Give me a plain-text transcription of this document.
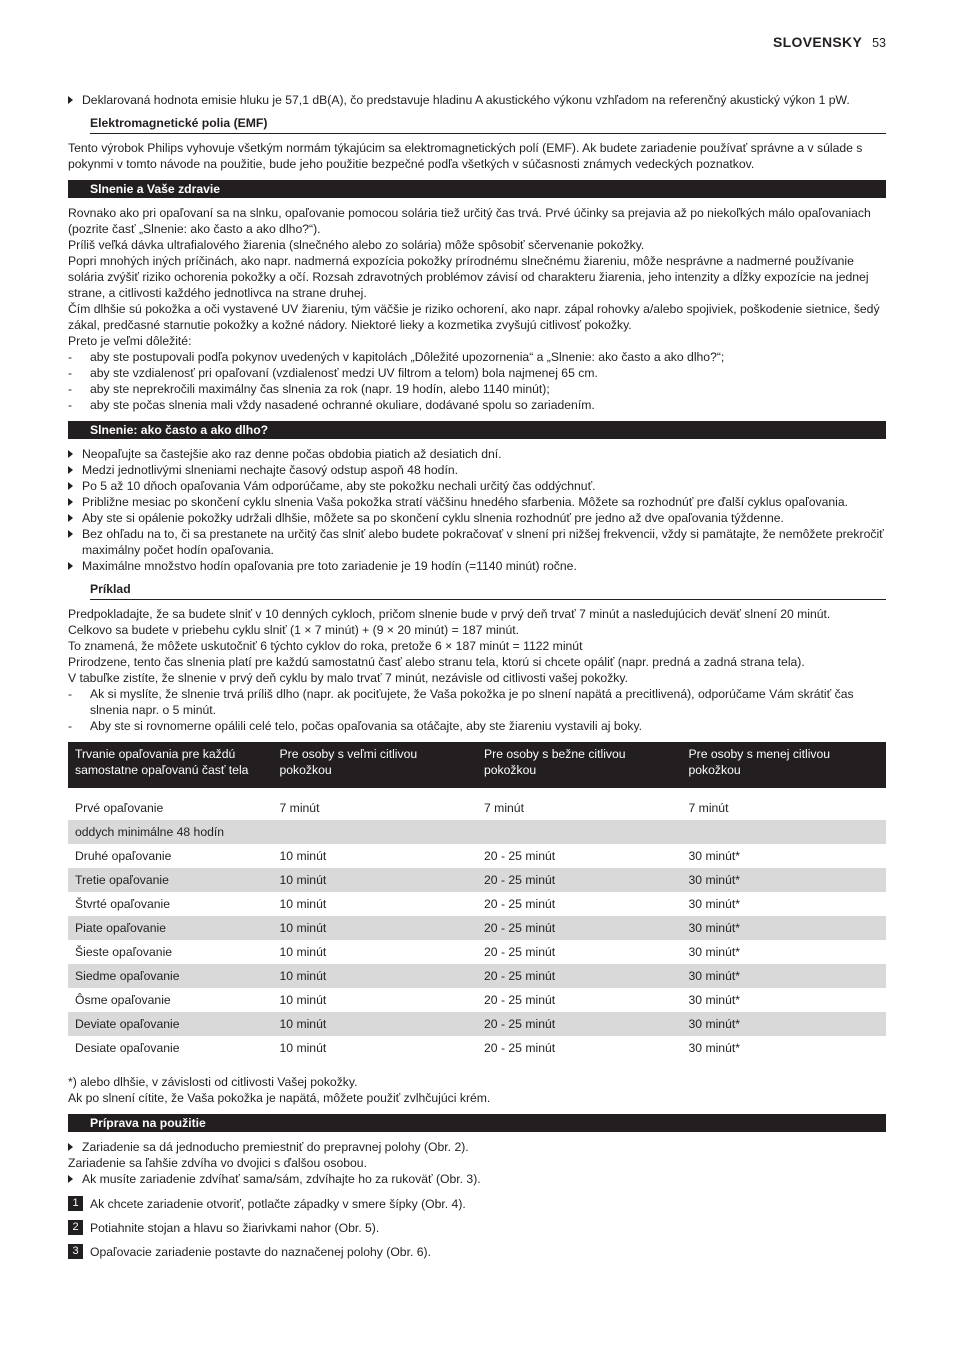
SLOVENSKY 53
Deklarovaná hodnota emisie hluku je 57,1 dB(A), čo predstavuje hladinu A akustického výkonu vzhľadom na referenčný akustický výkon 1 pW.
Elektromagnetické polia (EMF)

Tento výrobok Philips vyhovuje všetkým normám týkajúcim sa elektromagnetických polí (EMF). Ak budete zariadenie používať správne a v súlade s pokynmi v tomto návode na použitie, bude jeho použitie bezpečné podľa všetkých v súčasnosti známych vedeckých poznatkov.

Slnenie a Vaše zdravie

Rovnako ako pri opaľovaní sa na slnku, opaľovanie pomocou solária tiež určitý čas trvá. Prvé účinky sa prejavia až po niekoľkých málo opaľovaniach (pozrite časť „Slnenie: ako často a ako dlho?“).

Príliš veľká dávka ultrafialového žiarenia (slnečného alebo zo solária) môže spôsobiť sčervenanie pokožky.

Popri mnohých iných príčinách, ako napr. nadmerná expozícia pokožky prírodnému slnečnému žiareniu, môže nesprávne a nadmerné používanie solária zvýšiť riziko ochorenia pokožky a očí. Rozsah zdravotných problémov závisí od charakteru žiarenia, jeho intenzity a dĺžky expozície na jednej strane, a citlivosti každého jednotlivca na strane druhej.

Čím dlhšie sú pokožka a oči vystavené UV žiareniu, tým väčšie je riziko ochorení, ako napr. zápal rohovky a/alebo spojiviek, poškodenie sietnice, šedý zákal, predčasné starnutie pokožky a kožné nádory. Niektoré lieky a kozmetika zvyšujú citlivosť pokožky.

Preto je veľmi dôležité:

- aby ste postupovali podľa pokynov uvedených v kapitolách „Dôležité upozornenia“ a „Slnenie: ako často a ako dlho?“;
- aby ste vzdialenosť pri opaľovaní (vzdialenosť medzi UV filtrom a telom) bola najmenej 65 cm.
- aby ste neprekročili maximálny čas slnenia za rok (napr. 19 hodín, alebo 1140 minút);
- aby ste počas slnenia mali vždy nasadené ochranné okuliare, dodávané spolu so zariadením.
Slnenie: ako často a ako dlho?
Neopaľujte sa častejšie ako raz denne počas obdobia piatich až desiatich dní.
Medzi jednotlivými slneniami nechajte časový odstup aspoň 48 hodín.
Po 5 až 10 dňoch opaľovania Vám odporúčame, aby ste pokožku nechali určitý čas oddýchnuť.
Približne mesiac po skončení cyklu slnenia Vaša pokožka stratí väčšinu hnedého sfarbenia. Môžete sa rozhodnúť pre ďalší cyklus opaľovania.
Aby ste si opálenie pokožky udržali dlhšie, môžete sa po skončení cyklu slnenia rozhodnúť pre jedno až dve opaľovania týždenne.
Bez ohľadu na to, či sa prestanete na určitý čas slniť alebo budete pokračovať v slnení pri nižšej frekvencii, vždy si pamätajte, že nemôžete prekročiť maximálny počet hodín opaľovania.
Maximálne množstvo hodín opaľovania pre toto zariadenie je 19 hodín (=1140 minút) ročne.
Príklad

Predpokladajte, že sa budete slniť v 10 denných cykloch, pričom slnenie bude v prvý deň trvať 7 minút a nasledujúcich deväť slnení 20 minút.

Celkovo sa budete v priebehu cyklu slniť (1 × 7 minút) + (9 × 20 minút) = 187 minút.

To znamená, že môžete uskutočniť 6 týchto cyklov do roka, pretože 6 × 187 minút = 1122 minút

Prirodzene, tento čas slnenia platí pre každú samostatnú časť alebo stranu tela, ktorú si chcete opáliť (napr. predná a zadná strana tela).

V tabuľke zistíte, že slnenie v prvý deň cyklu by malo trvať 7 minút, nezávisle od citlivosti vašej pokožky.

- Ak si myslíte, že slnenie trvá príliš dlho (napr. ak pociťujete, že Vaša pokožka je po slnení napätá a precitlivená), odporúčame Vám skrátiť čas slnenia napr. o 5 minút.
- Aby ste si rovnomerne opálili celé telo, počas opaľovania sa otáčajte, aby ste žiareniu vystavili aj boky.
Trvanie opaľovania pre každú samostatne opaľovanú časť tela	Pre osoby s veľmi citlivou pokožkou	Pre osoby s bežne citlivou pokožkou	Pre osoby s menej citlivou pokožkou
Prvé opaľovanie	7 minút	7 minút	7 minút
oddych minimálne 48 hodín			
Druhé opaľovanie	10 minút	20 - 25 minút	30 minút*
Tretie opaľovanie	10 minút	20 - 25 minút	30 minút*
Štvrté opaľovanie	10 minút	20 - 25 minút	30 minút*
Piate opaľovanie	10 minút	20 - 25 minút	30 minút*
Šieste opaľovanie	10 minút	20 - 25 minút	30 minút*
Siedme opaľovanie	10 minút	20 - 25 minút	30 minút*
Ôsme opaľovanie	10 minút	20 - 25 minút	30 minút*
Deviate opaľovanie	10 minút	20 - 25 minút	30 minút*
Desiate opaľovanie	10 minút	20 - 25 minút	30 minút*

*) alebo dlhšie, v závislosti od citlivosti Vašej pokožky.

Ak po slnení cítite, že Vaša pokožka je napätá, môžete použiť zvlhčujúci krém.

Príprava na použitie
Zariadenie sa dá jednoducho premiestniť do prepravnej polohy (Obr. 2).

Zariadenie sa ľahšie zdvíha vo dvojici s ďalšou osobou.

Ak musíte zariadenie zdvíhať sama/sám, zdvíhajte ho za rukoväť (Obr. 3).
1 Ak chcete zariadenie otvoriť, potlačte západky v smere šípky (Obr. 4).
2 Potiahnite stojan a hlavu so žiarivkami nahor (Obr. 5).
3 Opaľovacie zariadenie postavte do naznačenej polohy (Obr. 6).
